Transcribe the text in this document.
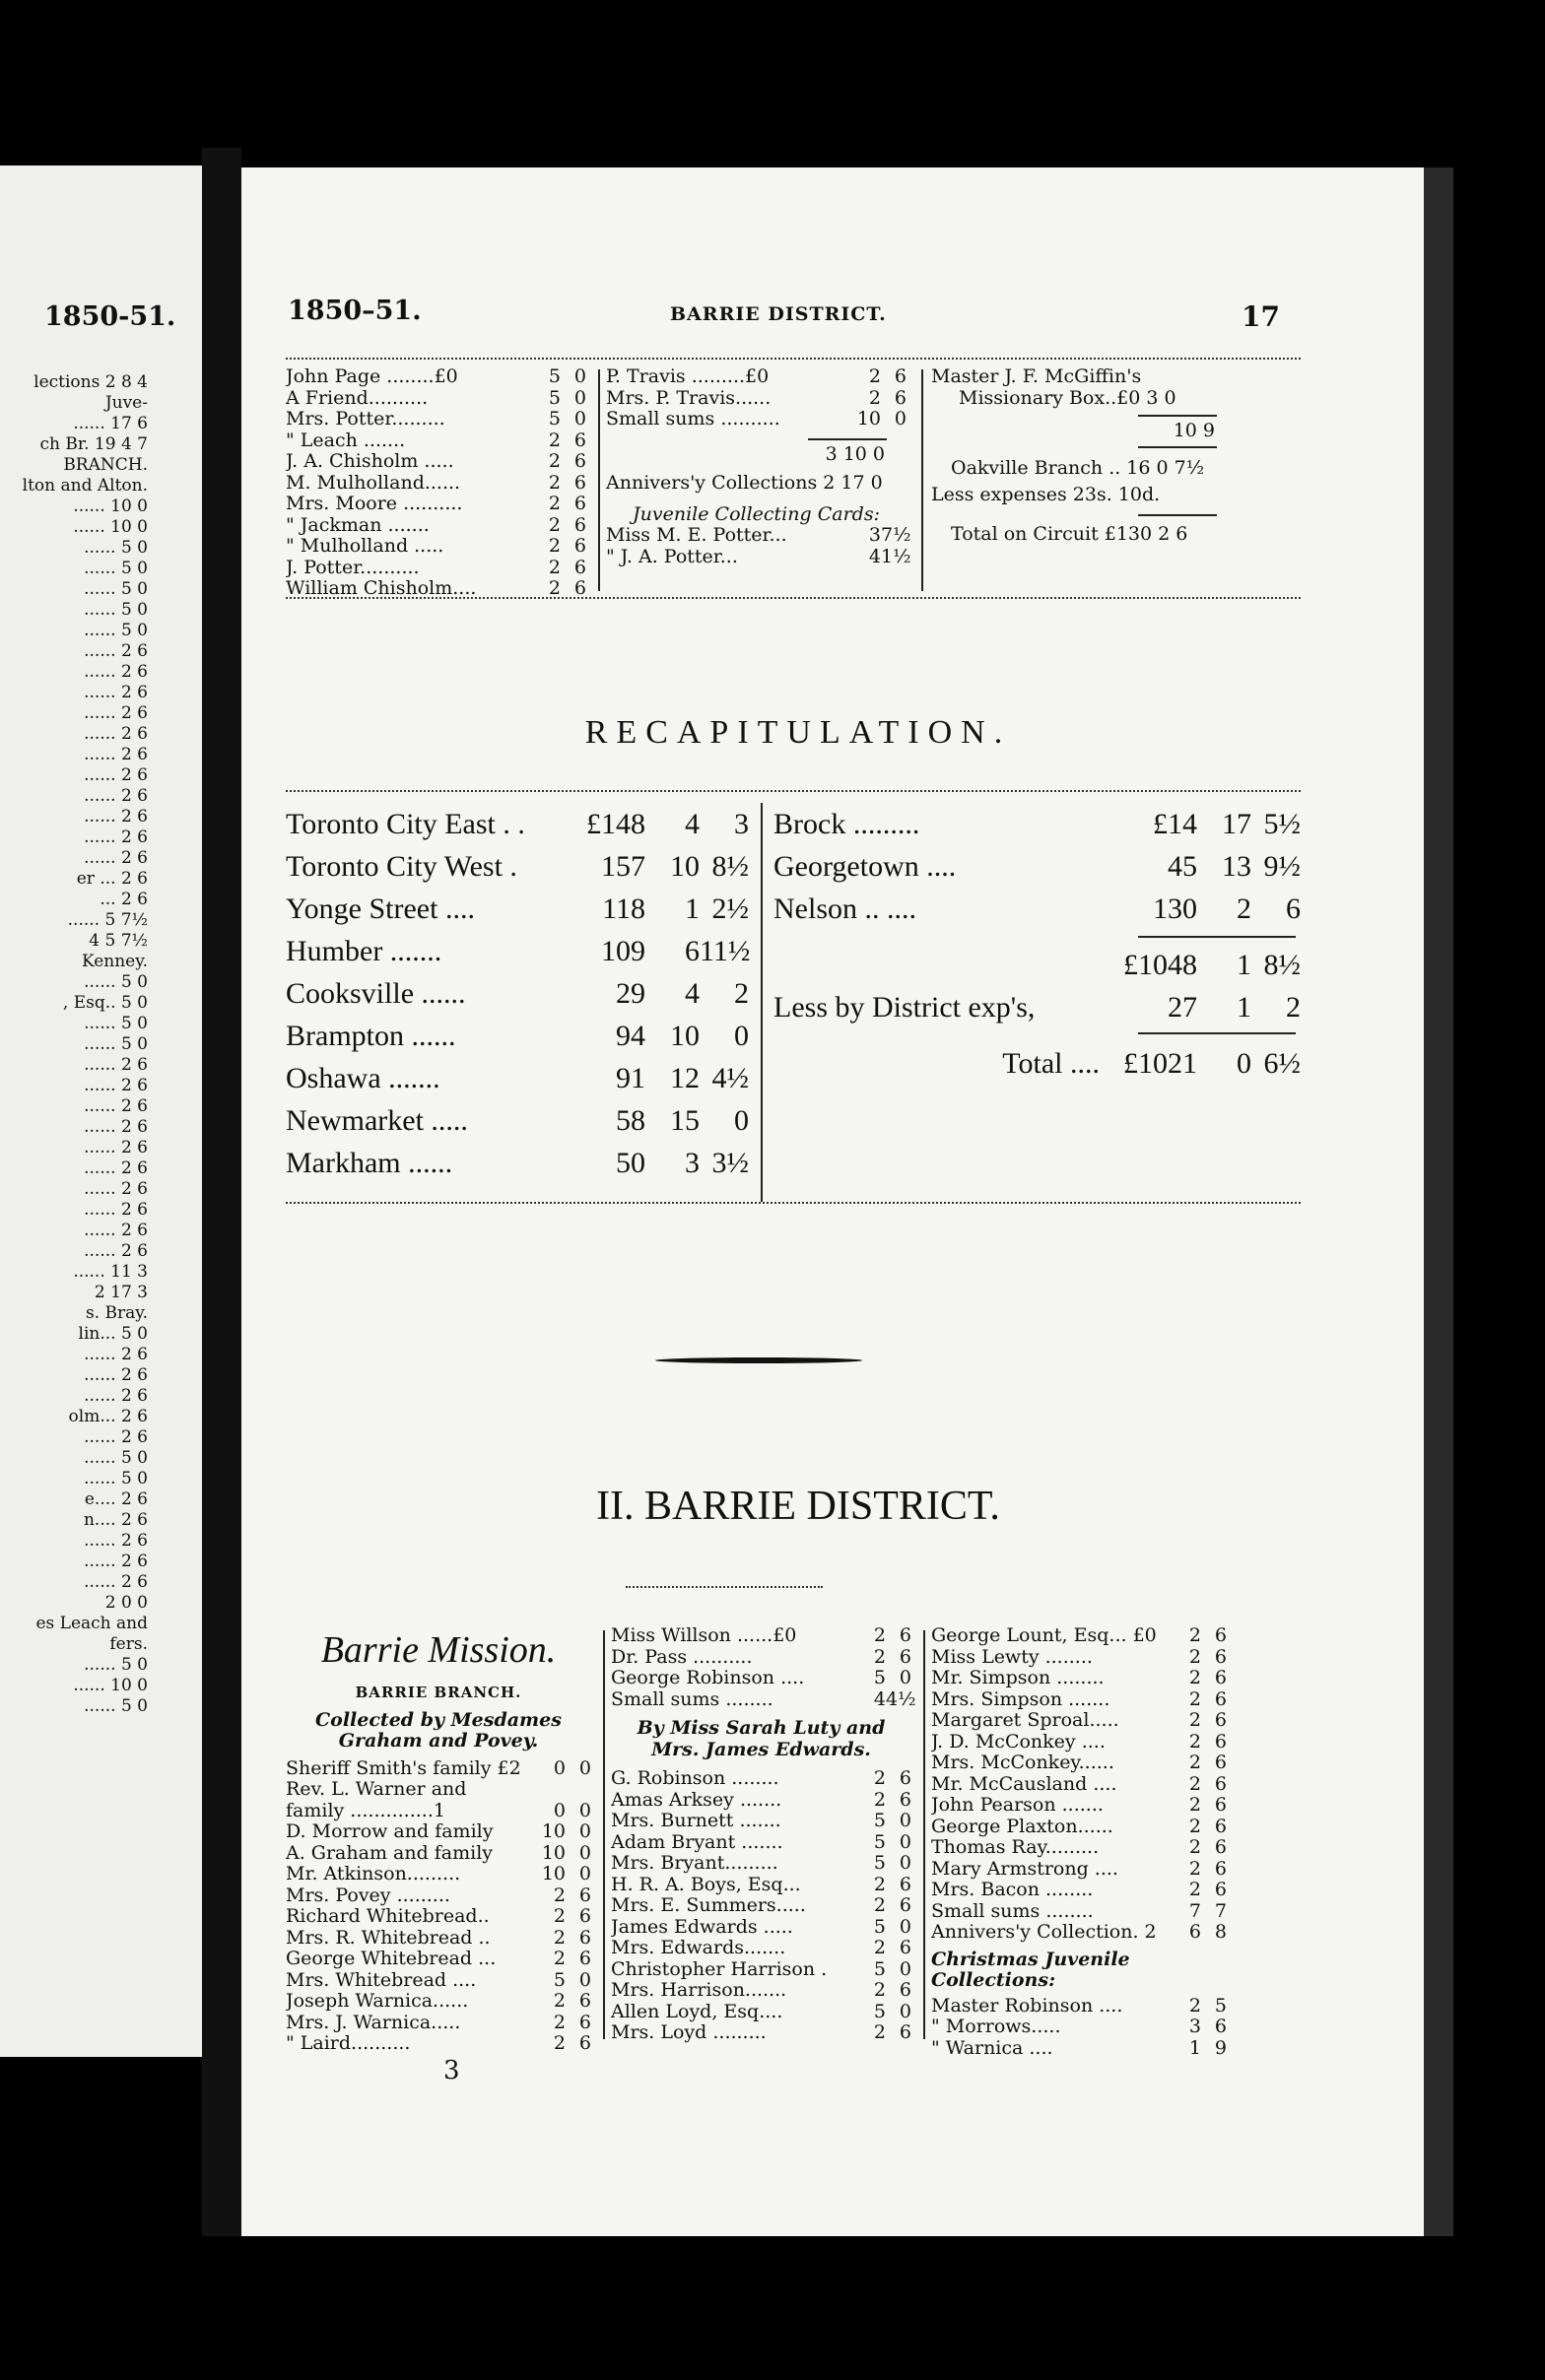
1850-51.
lections 2 8 4
Juve-
...... 17 6
ch Br. 19 4 7
BRANCH.
lton and Alton.
...... 10 0
...... 10 0
...... 5 0
...... 5 0
...... 5 0
...... 5 0
...... 5 0
...... 2 6
...... 2 6
...... 2 6
...... 2 6
...... 2 6
...... 2 6
...... 2 6
...... 2 6
...... 2 6
...... 2 6
...... 2 6
er ... 2 6
... 2 6
...... 5 7½
4 5 7½
Kenney.
...... 5 0
, Esq.. 5 0
...... 5 0
...... 5 0
...... 2 6
...... 2 6
...... 2 6
...... 2 6
...... 2 6
...... 2 6
...... 2 6
...... 2 6
...... 2 6
...... 2 6
...... 11 3
2 17 3
s. Bray.
lin... 5 0
...... 2 6
...... 2 6
...... 2 6
olm... 2 6
...... 2 6
...... 5 0
...... 5 0
e.... 2 6
n.... 2 6
...... 2 6
...... 2 6
...... 2 6
2 0 0
es Leach and
fers.
...... 5 0
...... 10 0
...... 5 0
1850–51.	BARRIE DISTRICT.	17
John Page ........£0	5 0
A Friend..........	5 0
Mrs. Potter.........	5 0
" Leach .......	2 6
J. A. Chisholm .....	2 6
M. Mulholland......	2 6
Mrs. Moore ..........	2 6
" Jackman .......	2 6
" Mulholland .....	2 6
J. Potter..........	2 6
William Chisholm....	2 6
P. Travis .........£0	2 6
Mrs. P. Travis......	2 6
Small sums ..........	10 0
3 10 0
Annivers'y Collections 2 17 0
Juvenile Collecting Cards:
Miss M. E. Potter...	3 7½
" J. A. Potter...	4 1½
Master J. F. McGiffin's
Missionary Box..£0 3 0
10 9
Oakville Branch .. 16 0 7½
Less expenses 23s. 10d.
Total on Circuit £130 2 6
RECAPITULATION.
Toronto City East . .	£148	4	3
Toronto City West .	157 10 8½
Yonge Street ....	118	1 2½
Humber .......	109	6 11½
Cooksville ......	29	4	2
Brampton ......	94 10	0
Oshawa .......	91 12 4½
Newmarket .....	58 15	0
Markham ......	50	3 3½
Brock .........	£14 17 5½
Georgetown ....	45 13 9½
Nelson .. ....	130	2	6
£1048	1 8½
Less by District exp's,	27	1	2
Total .... £1021	0 6½
II. BARRIE DISTRICT.
Barrie Mission.
BARRIE BRANCH.
Collected by Mesdames Graham and Povey.
Sheriff Smith's family £2	0 0
Rev. L. Warner and
family ..............1	0 0
D. Morrow and family	10 0
A. Graham and family	10 0
Mr. Atkinson.........	10 0
Mrs. Povey .........	2 6
Richard Whitebread..	2 6
Mrs. R. Whitebread ..	2 6
George Whitebread ...	2 6
Mrs. Whitebread ....	5 0
Joseph Warnica......	2 6
Mrs. J. Warnica.....	2 6
" Laird..........	2 6
3
Miss Willson ......£0	2 6
Dr. Pass ..........	2 6
George Robinson ....	5 0
Small sums ........	4 4½
By Miss Sarah Luty and Mrs. James Edwards.
G. Robinson ........	2 6
Amas Arksey .......	2 6
Mrs. Burnett .......	5 0
Adam Bryant .......	5 0
Mrs. Bryant.........	5 0
H. R. A. Boys, Esq...	2 6
Mrs. E. Summers.....	2 6
James Edwards .....	5 0
Mrs. Edwards.......	2 6
Christopher Harrison .	5 0
Mrs. Harrison.......	2 6
Allen Loyd, Esq....	5 0
Mrs. Loyd .........	2 6
George Lount, Esq... £0	2 6
Miss Lewty ........	2 6
Mr. Simpson ........	2 6
Mrs. Simpson .......	2 6
Margaret Sproal.....	2 6
J. D. McConkey ....	2 6
Mrs. McConkey......	2 6
Mr. McCausland ....	2 6
John Pearson .......	2 6
George Plaxton......	2 6
Thomas Ray.........	2 6
Mary Armstrong ....	2 6
Mrs. Bacon ........	2 6
Small sums ........	7 7
Annivers'y Collection. 2	6 8
Christmas Juvenile Collections:
Master Robinson ....	2 5
" Morrows.....	3 6
" Warnica ....	1 9
